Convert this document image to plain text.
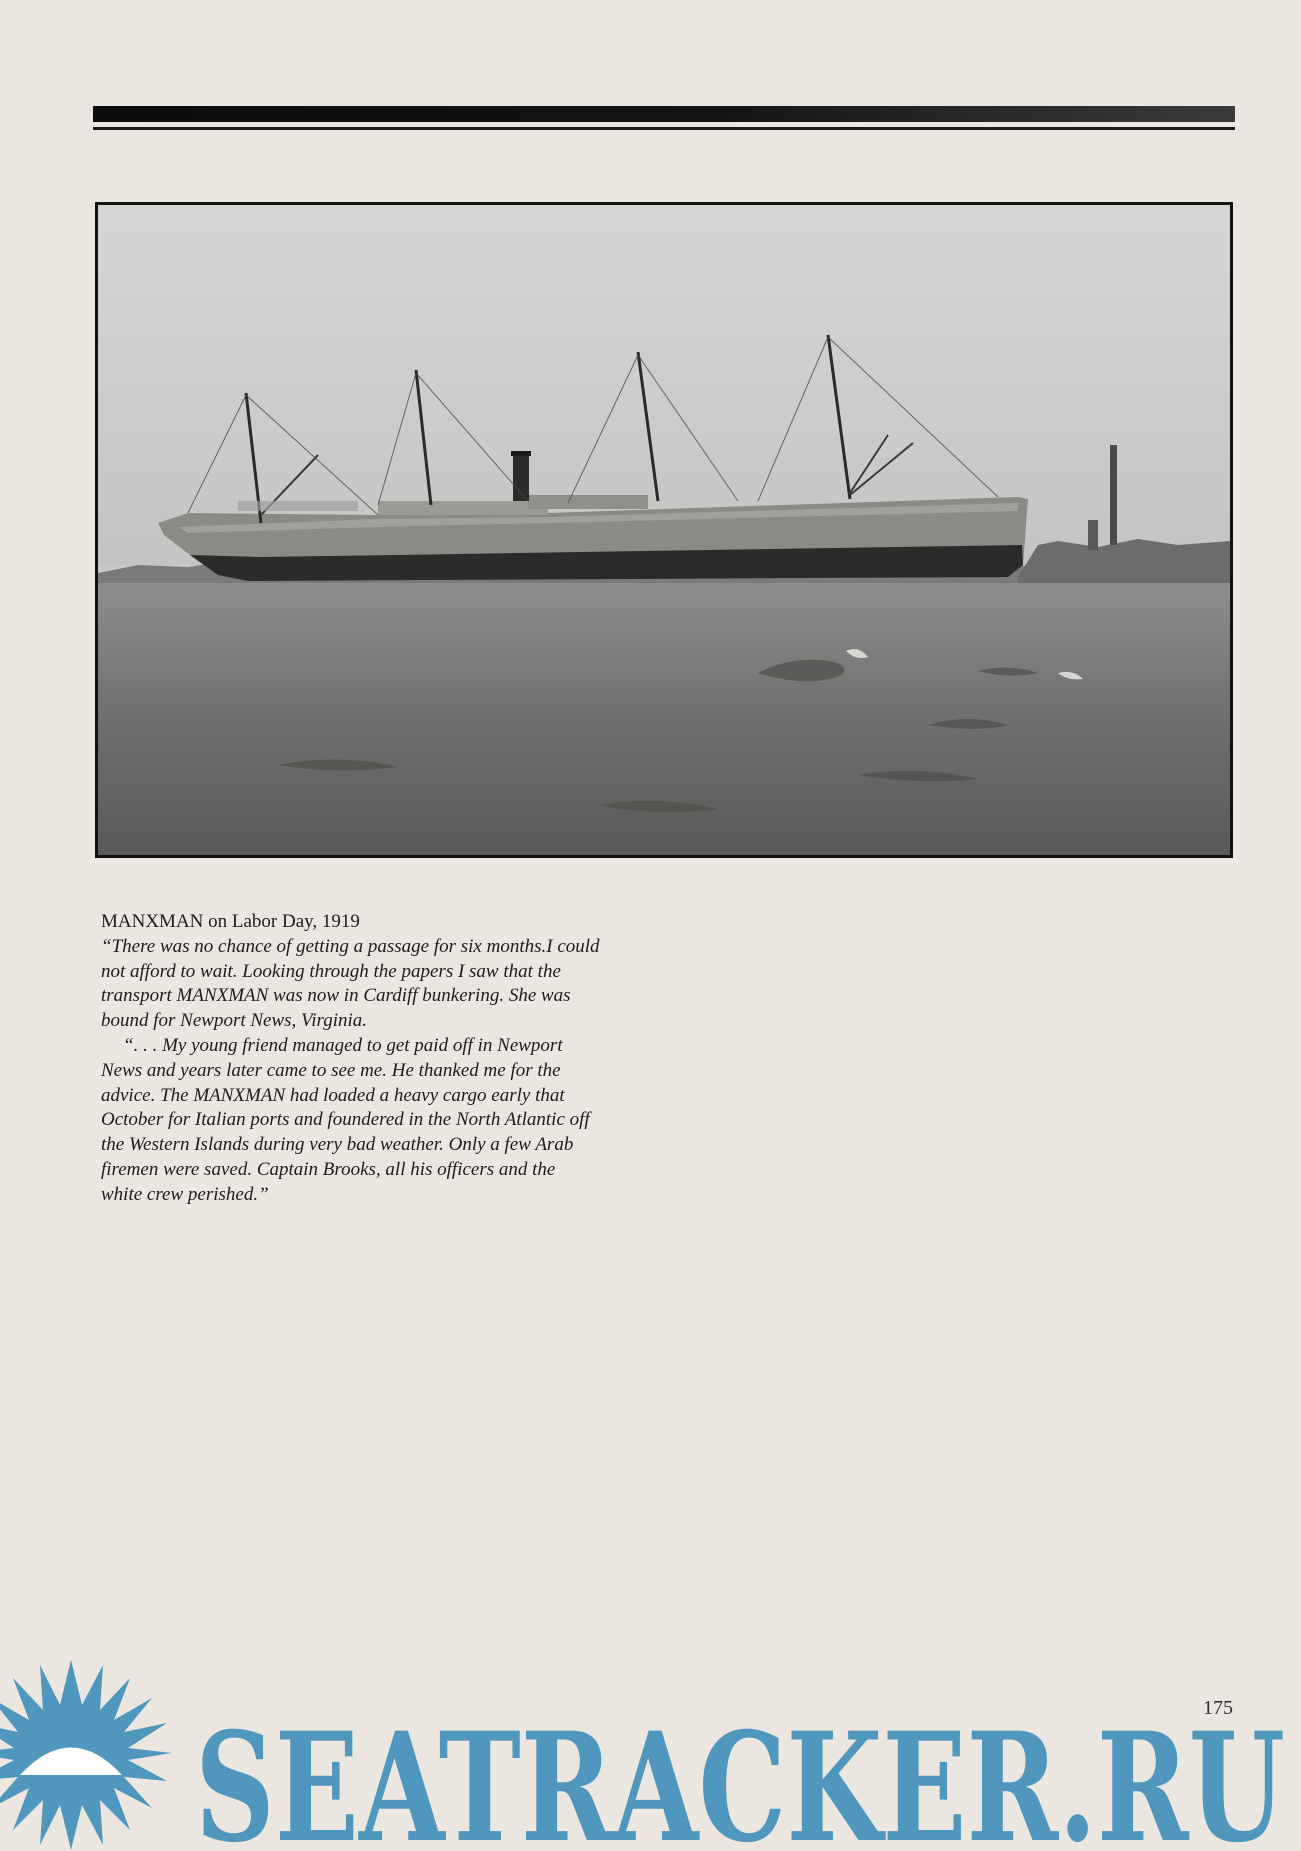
MANXMAN on Labor Day, 1919

“There was no chance of getting a passage for six months.I could not afford to wait. Looking through the papers I saw that the transport MANXMAN was now in Cardiff bunkering. She was bound for Newport News, Virginia.

“. . . My young friend managed to get paid off in Newport News and years later came to see me. He thanked me for the advice. The MANXMAN had loaded a heavy cargo early that October for Italian ports and foundered in the North Atlantic off the Western Islands during very bad weather. Only a few Arab firemen were saved. Captain Brooks, all his officers and the white crew perished.”

SEATRACKER.RU
175
